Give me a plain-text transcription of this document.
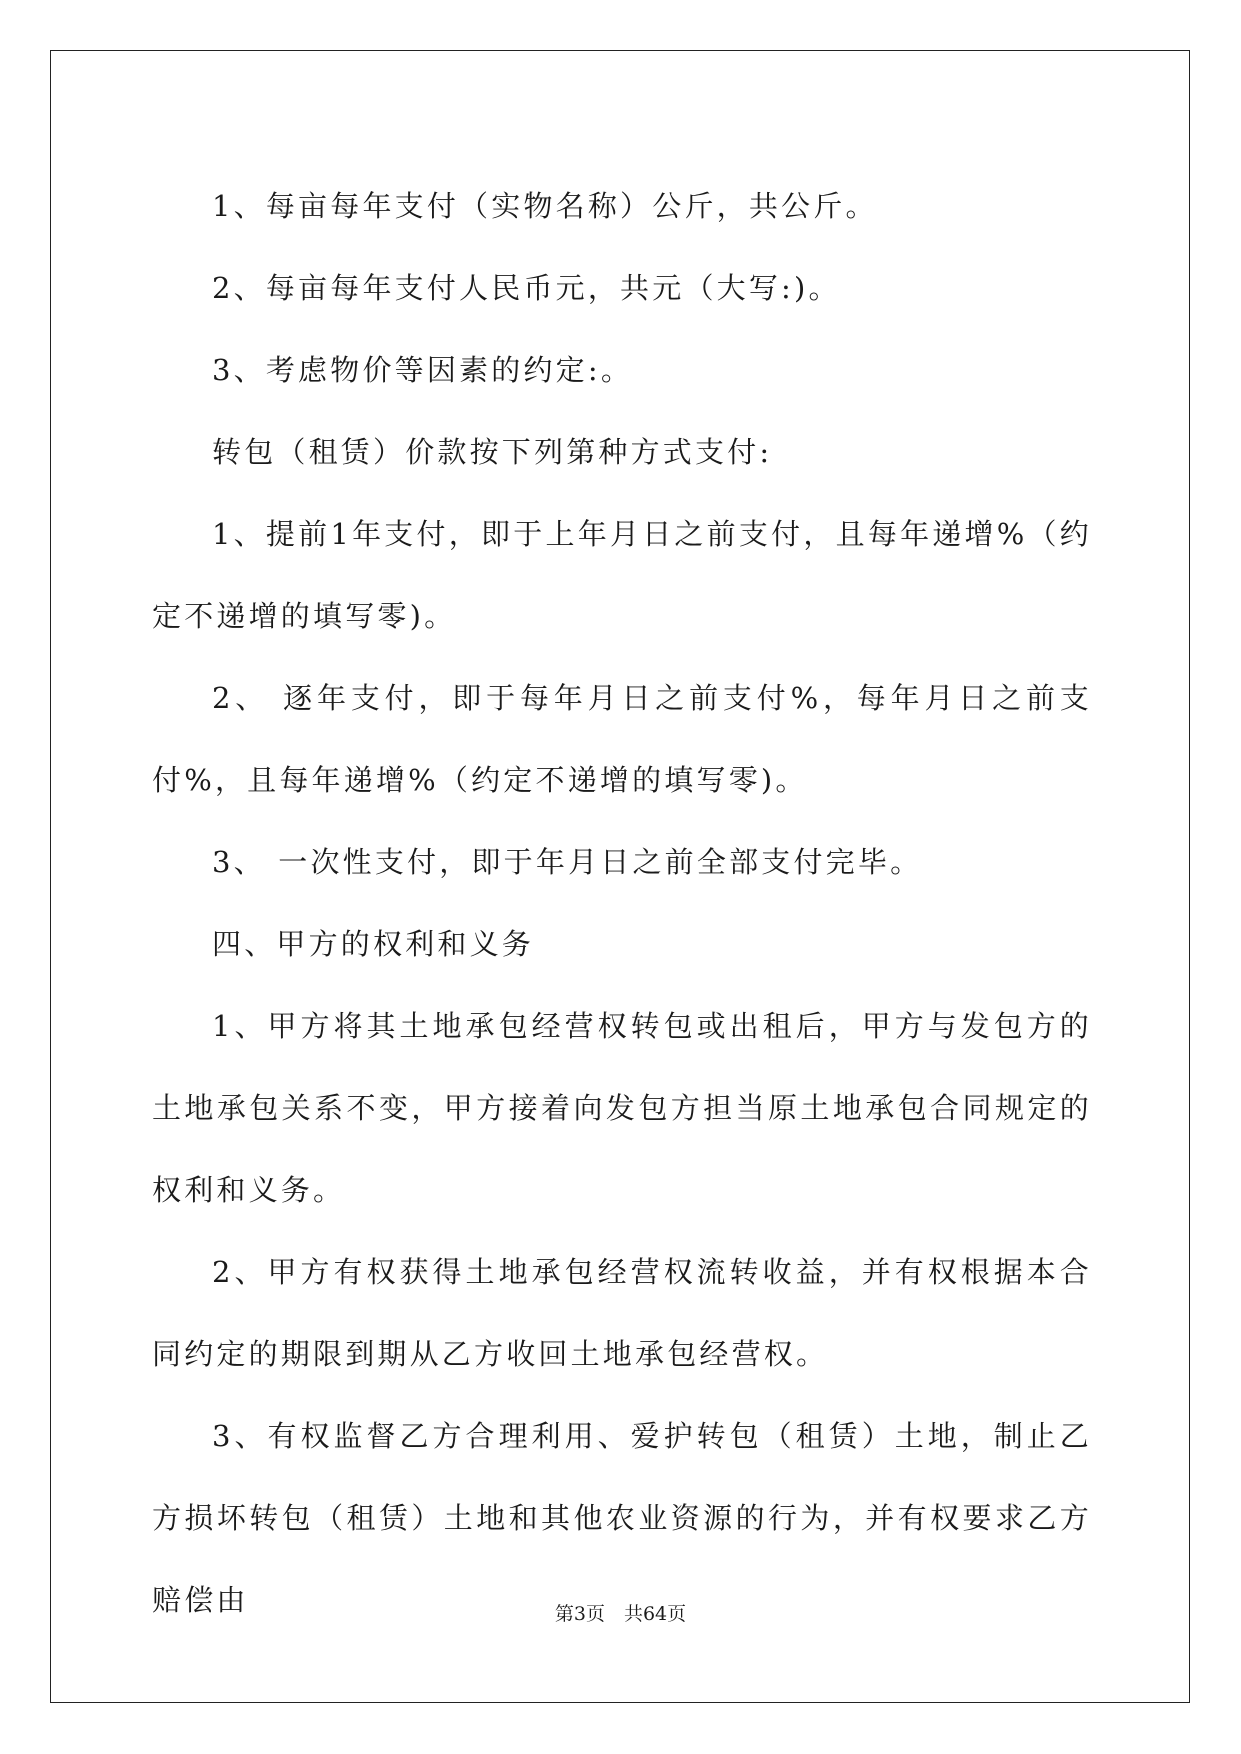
1、每亩每年支付（实物名称）公斤，共公斤。

2、每亩每年支付人民币元，共元（大写:)。

3、考虑物价等因素的约定:。

转包（租赁）价款按下列第种方式支付:

1、提前1年支付，即于上年月日之前支付，且每年递增%（约定不递增的填写零)。

2、 逐年支付，即于每年月日之前支付%，每年月日之前支付%，且每年递增%（约定不递增的填写零)。

3、 一次性支付，即于年月日之前全部支付完毕。

四、甲方的权利和义务

1、甲方将其土地承包经营权转包或出租后，甲方与发包方的土地承包关系不变，甲方接着向发包方担当原土地承包合同规定的权利和义务。

2、甲方有权获得土地承包经营权流转收益，并有权根据本合同约定的期限到期从乙方收回土地承包经营权。

3、有权监督乙方合理利用、爱护转包（租赁）土地，制止乙方损坏转包（租赁）土地和其他农业资源的行为，并有权要求乙方赔偿由	第3页　共64页
